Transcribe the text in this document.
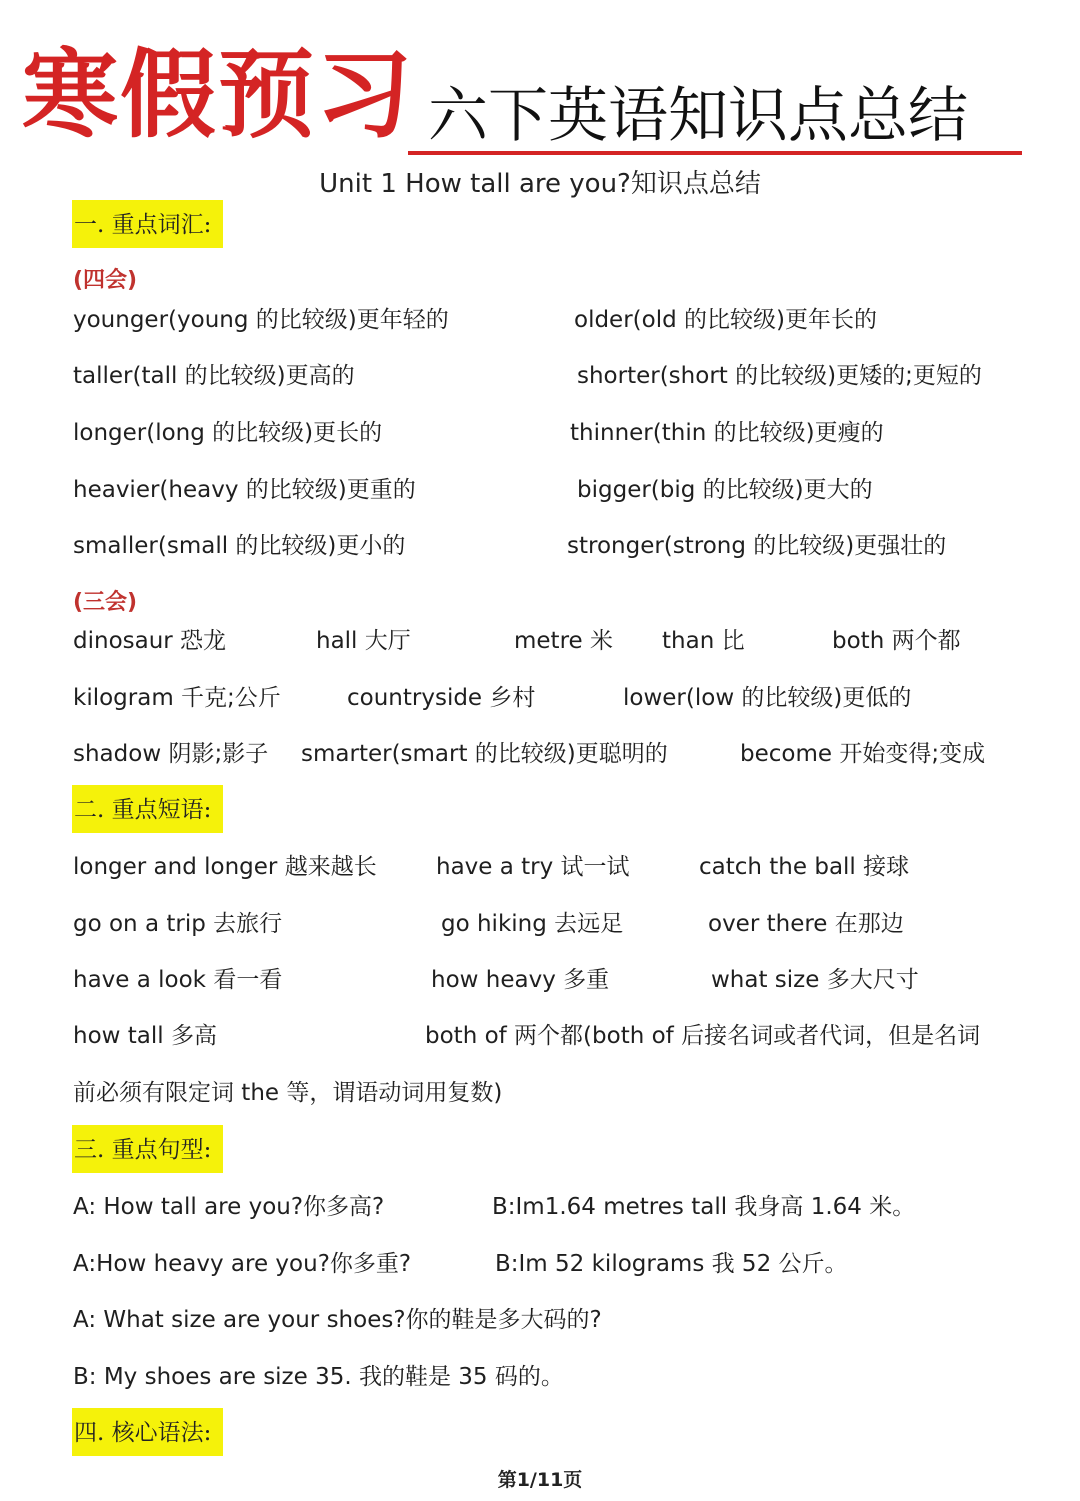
寒假预习 六下英语知识点总结
Unit 1 How tall are you?知识点总结
一. 重点词汇:
(四会)
younger(young 的比较级)更年轻的	older(old 的比较级)更年长的
taller(tall 的比较级)更高的	shorter(short 的比较级)更矮的;更短的
longer(long 的比较级)更长的	thinner(thin 的比较级)更瘦的
heavier(heavy 的比较级)更重的	bigger(big 的比较级)更大的
smaller(small 的比较级)更小的	stronger(strong 的比较级)更强壮的
(三会)
dinosaur 恐龙	hall 大厅	metre 米 than 比	both 两个都
kilogram 千克;公斤	countryside 乡村	lower(low 的比较级)更低的
shadow 阴影;影子 smarter(smart 的比较级)更聪明的	become 开始变得;变成
二. 重点短语:
longer and longer 越来越长	have a try 试一试	catch the ball 接球
go on a trip 去旅行	go hiking 去远足	over there 在那边
have a look 看一看	how heavy 多重	what size 多大尺寸
how tall 多高	both of 两个都(both of 后接名词或者代词，但是名词
前必须有限定词 the 等，谓语动词用复数)
三. 重点句型:
A: How tall are you?你多高?	B:Im1.64 metres tall 我身高 1.64 米。
A:How heavy are you?你多重?	B:Im 52 kilograms 我 52 公斤。
A: What size are your shoes?你的鞋是多大码的?
B: My shoes are size 35. 我的鞋是 35 码的。
四. 核心语法:
第1/11页
